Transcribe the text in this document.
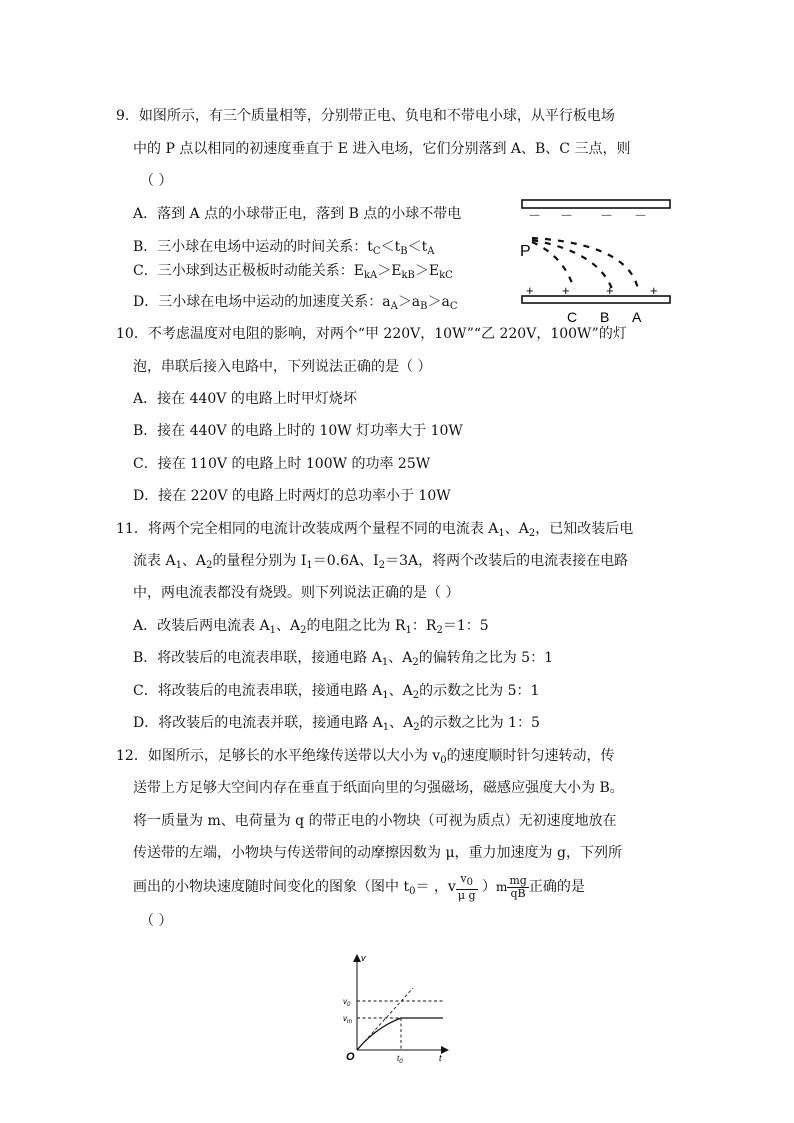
9．如图所示，有三个质量相等，分别带正电、负电和不带电小球，从平行板电场
中的 P 点以相同的初速度垂直于 E 进入电场，它们分别落到 A、B、C 三点，则
（ ）
A．落到 A 点的小球带正电，落到 B 点的小球不带电
B．三小球在电场中运动的时间关系：$t_C<t_B<t_A$
C．三小球到达正极板时动能关系：$E_{kA}>E_{kB}>E_{kC}$
D．三小球在电场中运动的加速度关系：$a_A>a_B>a_C$
－ － － －
P
+ +	+	+
C B A
10．不考虑温度对电阻的影响，对两个“甲 220V，10W”“乙 220V，100W”的灯
泡，串联后接入电路中，下列说法正确的是（ ）
A．接在 440V 的电路上时甲灯烧坏
B．接在 440V 的电路上时的 10W 灯功率大于 10W
C．接在 110V 的电路上时 100W 的功率 25W
D．接在 220V 的电路上时两灯的总功率小于 10W
11．将两个完全相同的电流计改装成两个量程不同的电流表 $A_1$、$A_2$，已知改装后电
流表 $A_1$、$A_2$的量程分别为 $I_1=0.6A$、$I_2=3A$，将两个改装后的电流表接在电路
中，两电流表都没有烧毁。则下列说法正确的是（ ）
A．改装后两电流表 $A_1$、$A_2$的电阻之比为 $R_1$：$R_2=1$：5
B．将改装后的电流表串联，接通电路 $A_1$、$A_2$的偏转角之比为 5：1
C．将改装后的电流表串联，接通电路 $A_1$、$A_2$的示数之比为 5：1
D．将改装后的电流表并联，接通电路 $A_1$、$A_2$的示数之比为 1：5
12．如图所示，足够长的水平绝缘传送带以大小为 $v_0$的速度顺时针匀速转动，传
送带上方足够大空间内存在垂直于纸面向里的匀强磁场，磁感应强度大小为 B。
将一质量为 m、电荷量为 q 的带正电的小物块（可视为质点）无初速度地放在
传送带的左端，小物块与传送带间的动摩擦因数为 μ，重力加速度为 g，下列所
画出的小物块速度随时间变化的图象（图中 $t_0=$ ，v $\frac{v0}{\text{μ g}} )m \frac{mg}{qB}$ 正确的是
（ ）
v
$v_0$
$v_m$
O	$t_0$	t
